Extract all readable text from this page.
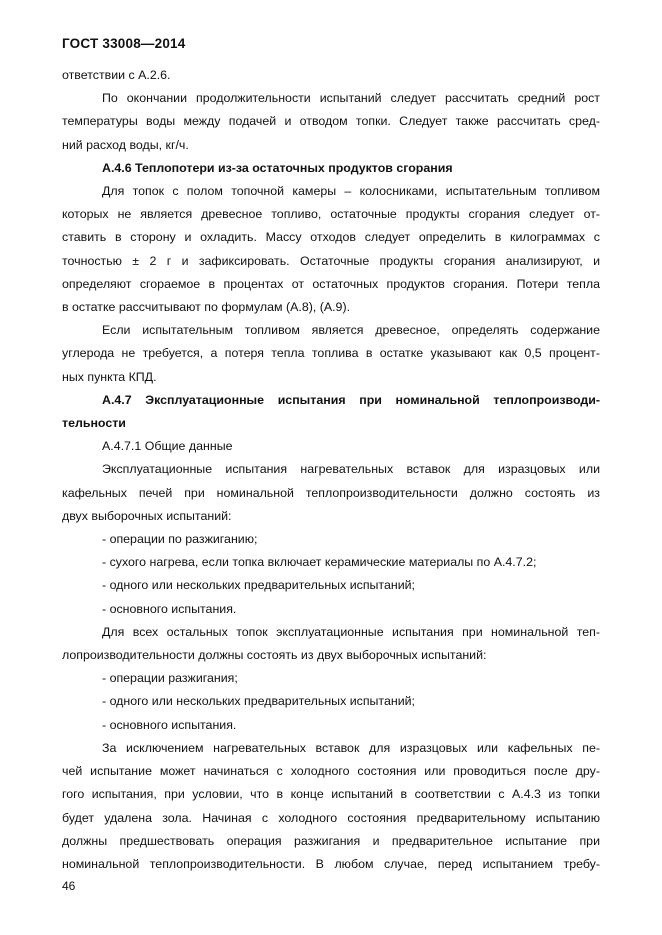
ГОСТ 33008—2014
ответствии с А.2.6.
По окончании продолжительности испытаний следует рассчитать средний рост
температуры воды между подачей и отводом топки. Следует также рассчитать сред-
ний расход воды, кг/ч.
А.4.6 Теплопотери из-за остаточных продуктов сгорания
Для топок с полом топочной камеры – колосниками, испытательным топливом
которых не является древесное топливо, остаточные продукты сгорания следует от-
ставить в сторону и охладить. Массу отходов следует определить в килограммах с
точностью ± 2 г и зафиксировать. Остаточные продукты сгорания анализируют, и
определяют сгораемое в процентах от остаточных продуктов сгорания. Потери тепла
в остатке рассчитывают по формулам (А.8), (А.9).
Если испытательным топливом является древесное, определять содержание
углерода не требуется, а потеря тепла топлива в остатке указывают как 0,5 процент-
ных пункта КПД.
А.4.7 Эксплуатационные испытания при номинальной теплопроизводи-
тельности
А.4.7.1 Общие данные
Эксплуатационные испытания нагревательных вставок для изразцовых или
кафельных печей при номинальной теплопроизводительности должно состоять из
двух выборочных испытаний:
- операции по разжиганию;
- сухого нагрева, если топка включает керамические материалы по А.4.7.2;
- одного или нескольких предварительных испытаний;
- основного испытания.
Для всех остальных топок эксплуатационные испытания при номинальной теп-
лопроизводительности должны состоять из двух выборочных испытаний:
- операции разжигания;
- одного или нескольких предварительных испытаний;
- основного испытания.
За исключением нагревательных вставок для изразцовых или кафельных пе-
чей испытание может начинаться с холодного состояния или проводиться после дру-
гого испытания, при условии, что в конце испытаний в соответствии с А.4.3 из топки
будет удалена зола. Начиная с холодного состояния предварительному испытанию
должны предшествовать операция разжигания и предварительное испытание при
номинальной теплопроизводительности. В любом случае, перед испытанием требу-
46
